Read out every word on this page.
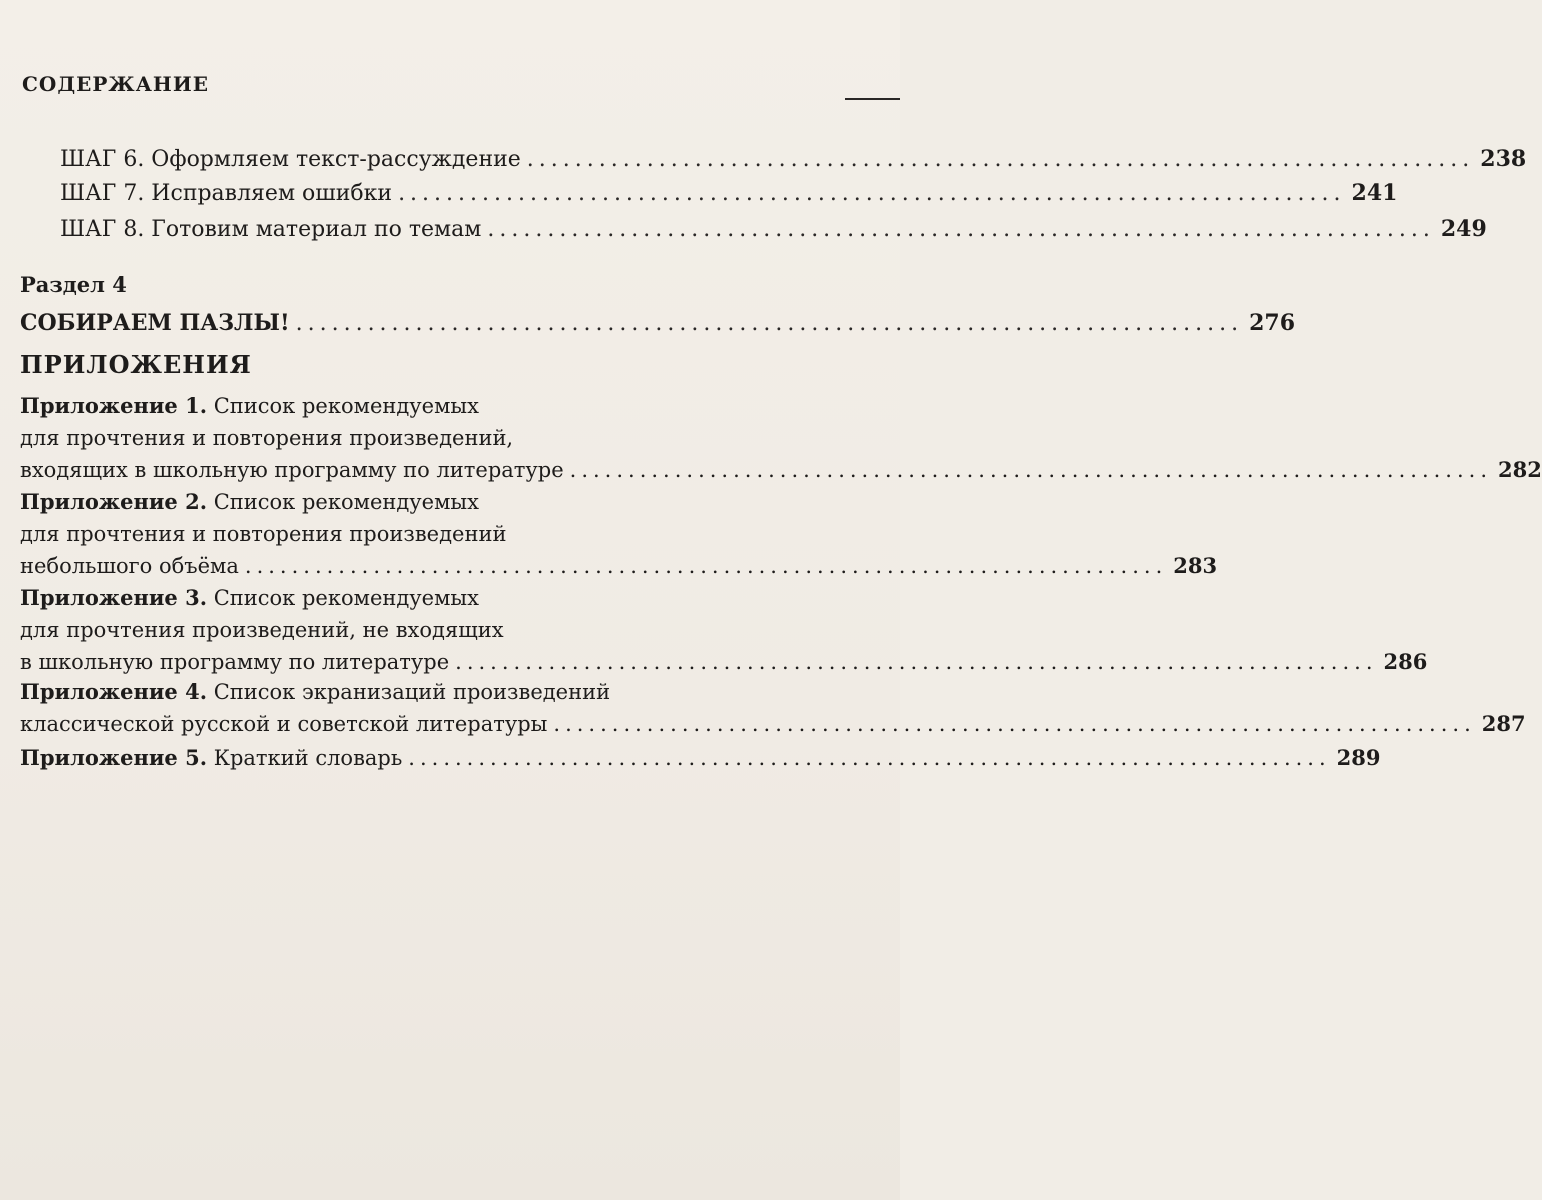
СОДЕРЖАНИЕ
ШАГ 6. Оформляем текст-рассуждение ............................................................................... 238
ШАГ 7. Исправляем ошибки ............................................................................... 241
ШАГ 8. Готовим материал по темам ............................................................................... 249
Раздел 4
СОБИРАЕМ ПАЗЛЫ! ............................................................................... 276
ПРИЛОЖЕНИЯ
Приложение 1. Список рекомендуемых
для прочтения и повторения произведений,
входящих в школьную программу по литературе ............................................................................... 282
Приложение 2. Список рекомендуемых
для прочтения и повторения произведений
небольшого объёма ............................................................................... 283
Приложение 3. Список рекомендуемых
для прочтения произведений, не входящих
в школьную программу по литературе ............................................................................... 286
Приложение 4. Список экранизаций произведений
классической русской и советской литературы ............................................................................... 287
Приложение 5. Краткий словарь ............................................................................... 289
